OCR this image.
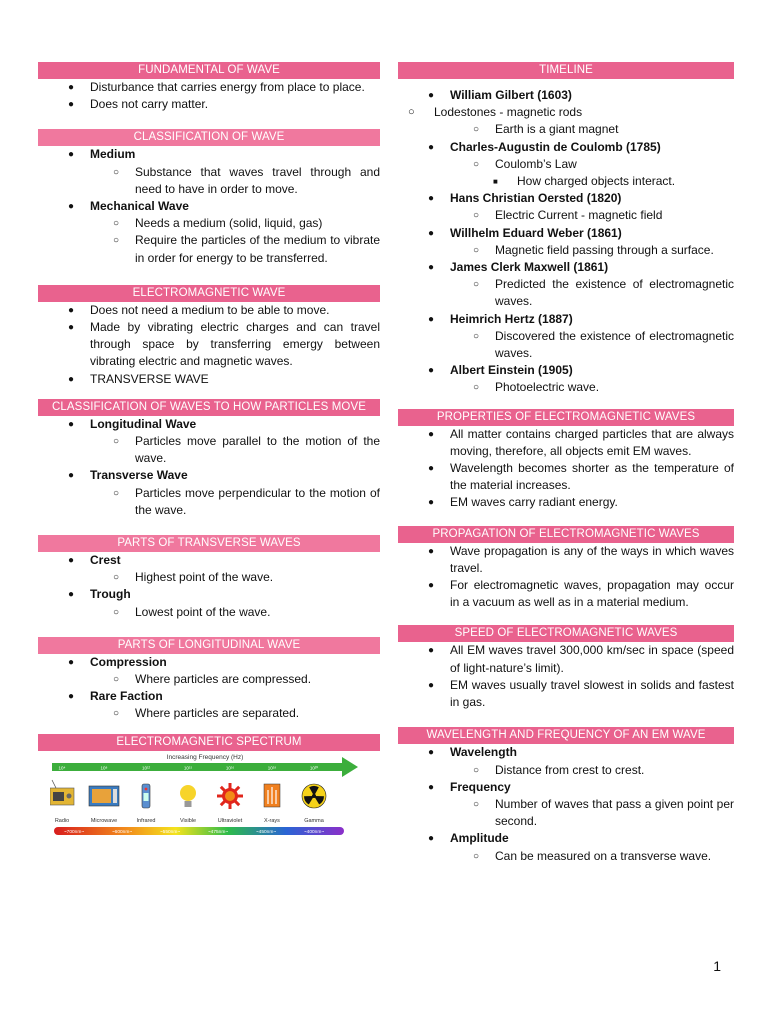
FUNDAMENTAL OF WAVE
● Disturbance that carries energy from place to place.
● Does not carry matter.
CLASSIFICATION OF WAVE
● Medium
○ Substance that waves travel through and need to have in order to move.
● Mechanical Wave
○ Needs a medium (solid, liquid, gas)
○ Require the particles of the medium to vibrate in order for energy to be transferred.
ELECTROMAGNETIC WAVE
● Does not need a medium to be able to move.
● Made by vibrating electric charges and can travel through space by transferring emergy between vibrating electric and magnetic waves.
● TRANSVERSE WAVE
CLASSIFICATION OF WAVES TO HOW PARTICLES MOVE
● Longitudinal Wave
○ Particles move parallel to the motion of the wave.
● Transverse Wave
○ Particles move perpendicular to the motion of the wave.
PARTS OF TRANSVERSE WAVES
● Crest
○ Highest point of the wave.
● Trough
○ Lowest point of the wave.
PARTS OF LONGITUDINAL WAVE
● Compression
○ Where particles are compressed.
● Rare Faction
○ Where particles are separated.
ELECTROMAGNETIC SPECTRUM
Increasing Frequency (Hz)
10⁴	10⁸	10¹²	10¹⁵	10¹⁶	10¹⁸	10²⁰
Radio	Microwave	Infrared	Visible	Ultraviolet	X-rays	Gamma
~700nm~	~600nm~	~550nm~	~475nm~	~450nm~	~400nm~
TIMELINE
● William Gilbert (1603)
○ Lodestones - magnetic rods
○ Earth is a giant magnet
● Charles-Augustin de Coulomb (1785)
○ Coulomb’s Law
■ How charged objects interact.
● Hans Christian Oersted (1820)
○ Electric Current - magnetic field
● Willhelm Eduard Weber (1861)
○ Magnetic field passing through a surface.
● James Clerk Maxwell (1861)
○ Predicted the existence of electromagnetic waves.
● Heimrich Hertz (1887)
○ Discovered the existence of electromagnetic waves.
● Albert Einstein (1905)
○ Photoelectric wave.
PROPERTIES OF ELECTROMAGNETIC WAVES
● All matter contains charged particles that are always moving, therefore, all objects emit EM waves.
● Wavelength becomes shorter as the temperature of the material increases.
● EM waves carry radiant energy.
PROPAGATION OF ELECTROMAGNETIC WAVES
● Wave propagation is any of the ways in which waves travel.
● For electromagnetic waves, propagation may occur in a vacuum as well as in a material medium.
SPEED OF ELECTROMAGNETIC WAVES
● All EM waves travel 300,000 km/sec in space (speed of light-nature’s limit).
● EM waves usually travel slowest in solids and fastest in gas.
WAVELENGTH AND FREQUENCY OF AN EM WAVE
● Wavelength
○ Distance from crest to crest.
● Frequency
○ Number of waves that pass a given point per second.
● Amplitude
○ Can be measured on a transverse wave.
1
